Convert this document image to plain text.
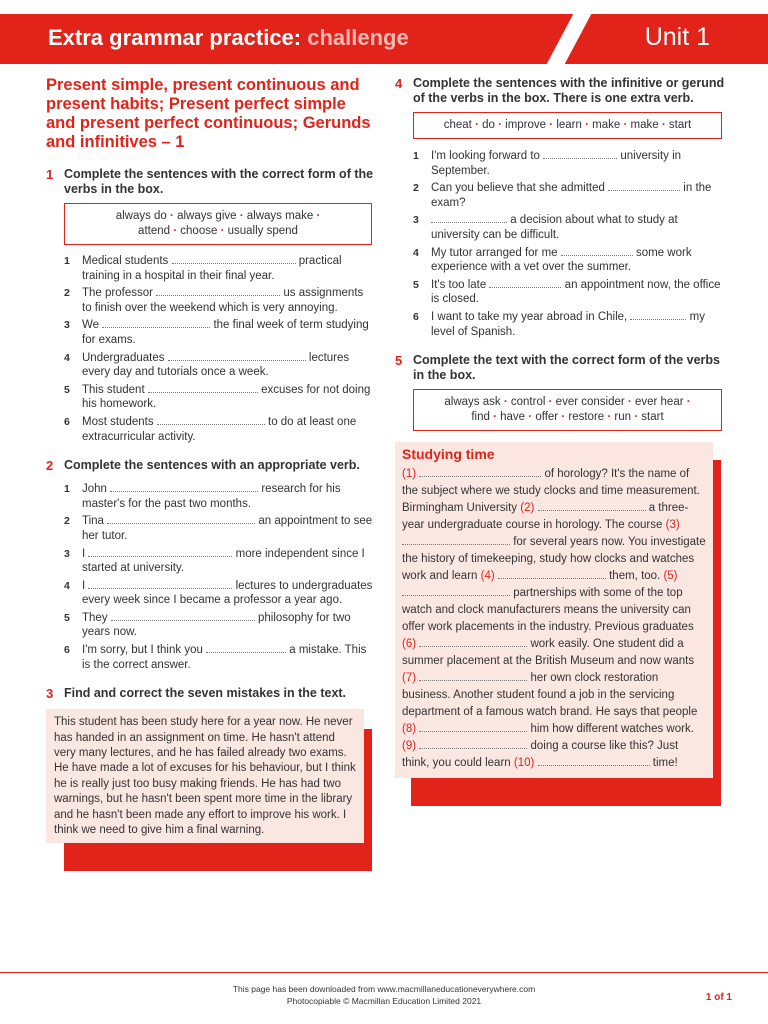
Extra grammar practice: challenge	Unit 1
Present simple, present continuous and present habits; Present perfect simple and present perfect continuous; Gerunds and infinitives – 1
1 Complete the sentences with the correct form of the verbs in the box.
always do · always give · always make ·
attend · choose · usually spend
1 Medical students	practical training in a hospital in their final year.
2 The professor	us assignments to finish over the weekend which is very annoying.
3 We	the final week of term studying for exams.
4 Undergraduates	lectures every day and tutorials once a week.
5 This student	excuses for not doing his homework.
6 Most students	to do at least one extracurricular activity.
2 Complete the sentences with an appropriate verb.
1 John	research for his master's for the past two months.
2 Tina	an appointment to see her tutor.
3 I	more independent since I started at university.
4 I	lectures to undergraduates every week since I became a professor a year ago.
5 They	philosophy for two years now.
6 I'm sorry, but I think you	a mistake. This is the correct answer.
3 Find and correct the seven mistakes in the text.
This student has been study here for a year now. He never has handed in an assignment on time. He hasn't attend very many lectures, and he has failed already two exams. He have made a lot of excuses for his behaviour, but I think he is really just too busy making friends. He has had two warnings, but he hasn't been spent more time in the library and he hasn't been made any effort to improve his work. I think we need to give him a final warning.
4 Complete the sentences with the infinitive or gerund of the verbs in the box. There is one extra verb.
cheat · do · improve · learn · make · make · start
1 I'm looking forward to	university in September.
2 Can you believe that she admitted	in the exam?
3	a decision about what to study at university can be difficult.
4 My tutor arranged for me	some work experience with a vet over the summer.
5 It's too late	an appointment now, the office is closed.
6 I want to take my year abroad in Chile,	my level of Spanish.
5 Complete the text with the correct form of the verbs in the box.
always ask · control · ever consider · ever hear ·
find · have · offer · restore · run · start
Studying time

(1)	of horology? It's the name of the subject where we study clocks and time measurement. Birmingham University (2)	a three-year undergraduate course in horology. The course (3)  for several years now. You investigate the history of timekeeping, study how clocks and watches work and learn (4)	them, too. (5)  partnerships with some of the top watch and clock manufacturers means the university can offer work placements in the industry. Previous graduates (6)	work easily. One student did a summer placement at the British Museum and now wants (7)	her own clock restoration business. Another student found a job in the servicing department of a famous watch brand. He says that people (8)	him how different watches work. (9)	doing a course like this? Just think, you could learn (10)	time!

This page has been downloaded from www.macmillaneducationeverywhere.com
Photocopiable © Macmillan Education Limited 2021	1 of 1
